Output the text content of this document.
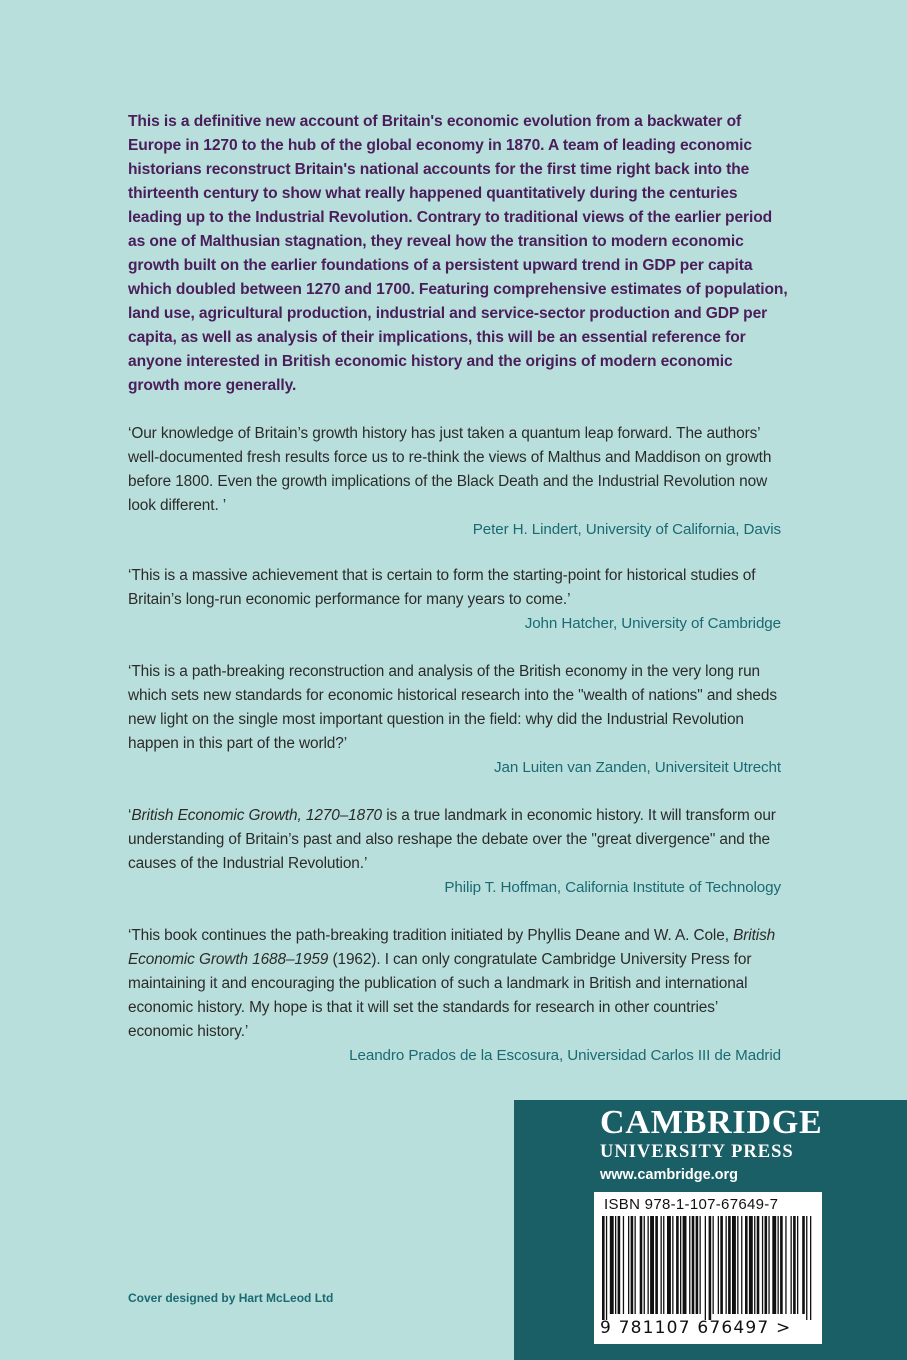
This is a definitive new account of Britain's economic evolution from a backwater of Europe in 1270 to the hub of the global economy in 1870. A team of leading economic historians reconstruct Britain's national accounts for the first time right back into the thirteenth century to show what really happened quantitatively during the centuries leading up to the Industrial Revolution. Contrary to traditional views of the earlier period as one of Malthusian stagnation, they reveal how the transition to modern economic growth built on the earlier foundations of a persistent upward trend in GDP per capita which doubled between 1270 and 1700. Featuring comprehensive estimates of population, land use, agricultural production, industrial and service-sector production and GDP per capita, as well as analysis of their implications, this will be an essential reference for anyone interested in British economic history and the origins of modern economic growth more generally.

‘Our knowledge of Britain’s growth history has just taken a quantum leap forward. The authors’ well-documented fresh results force us to re-think the views of Malthus and Maddison on growth before 1800. Even the growth implications of the Black Death and the Industrial Revolution now look different. ’

Peter H. Lindert, University of California, Davis

‘This is a massive achievement that is certain to form the starting-point for historical studies of Britain’s long-run economic performance for many years to come.’

John Hatcher, University of Cambridge

‘This is a path-breaking reconstruction and analysis of the British economy in the very long run which sets new standards for economic historical research into the "wealth of nations" and sheds new light on the single most important question in the field: why did the Industrial Revolution happen in this part of the world?’

Jan Luiten van Zanden, Universiteit Utrecht

‘British Economic Growth, 1270–1870 is a true landmark in economic history. It will transform our understanding of Britain’s past and also reshape the debate over the "great divergence" and the causes of the Industrial Revolution.’

Philip T. Hoffman, California Institute of Technology

‘This book continues the path-breaking tradition initiated by Phyllis Deane and W. A. Cole, British Economic Growth 1688–1959 (1962). I can only congratulate Cambridge University Press for maintaining it and encouraging the publication of such a landmark in British and international economic history. My hope is that it will set the standards for research in other countries’ economic history.’

Leandro Prados de la Escosura, Universidad Carlos III de Madrid
Cover designed by Hart McLeod Ltd
CAMBRIDGE
UNIVERSITY PRESS
www.cambridge.org
ISBN 978-1-107-67649-7
9 781107 676497 >
